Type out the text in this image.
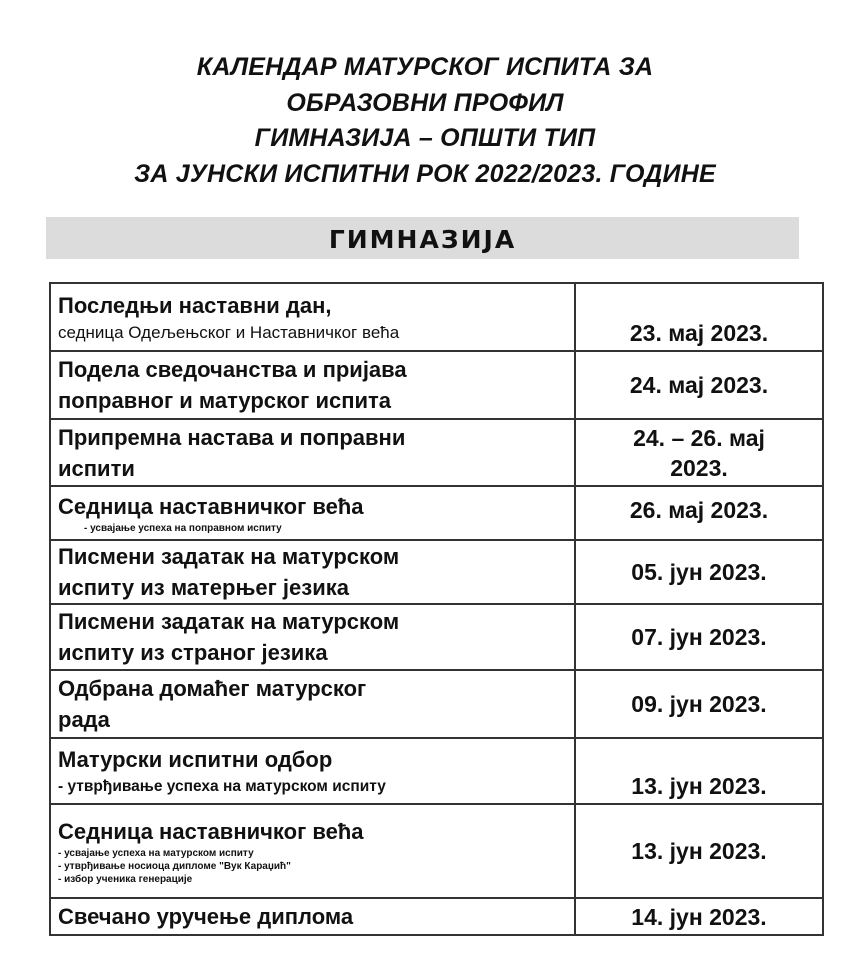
КАЛЕНДАР МАТУРСКОГ ИСПИТА ЗА
ОБРАЗОВНИ ПРОФИЛ
ГИМНАЗИЈА – ОПШТИ ТИП
ЗА ЈУНСКИ ИСПИТНИ РОК 2022/2023. ГОДИНЕ
ГИМНАЗИЈА
Последњи наставни дан,
седница Одељењског и Наставничког већа	23. мај 2023.

Подела сведочанства и пријава
поправног и матурског испита	24. мај 2023.

Припремна настава и поправни
испити	24. – 26. мај
2023.

Седница наставничког већа
- усвајање успеха на поправном испиту	26. мај 2023.

Писмени задатак на матурском
испиту из матерњег језика	05. јун 2023.

Писмени задатак на матурском
испиту из страног језика	07. јун 2023.

Одбрана домаћег матурског
рада	09. јун 2023.

Матурски испитни одбор
- утврђивање успеха на матурском испиту	13. јун 2023.

Седница наставничког већа
- усвајање успеха на матурском испиту
- утврђивање носиоца дипломе "Вук Караџић"
- избор ученика генерације	13. јун 2023.

Свечано уручење диплома	14. јун 2023.
